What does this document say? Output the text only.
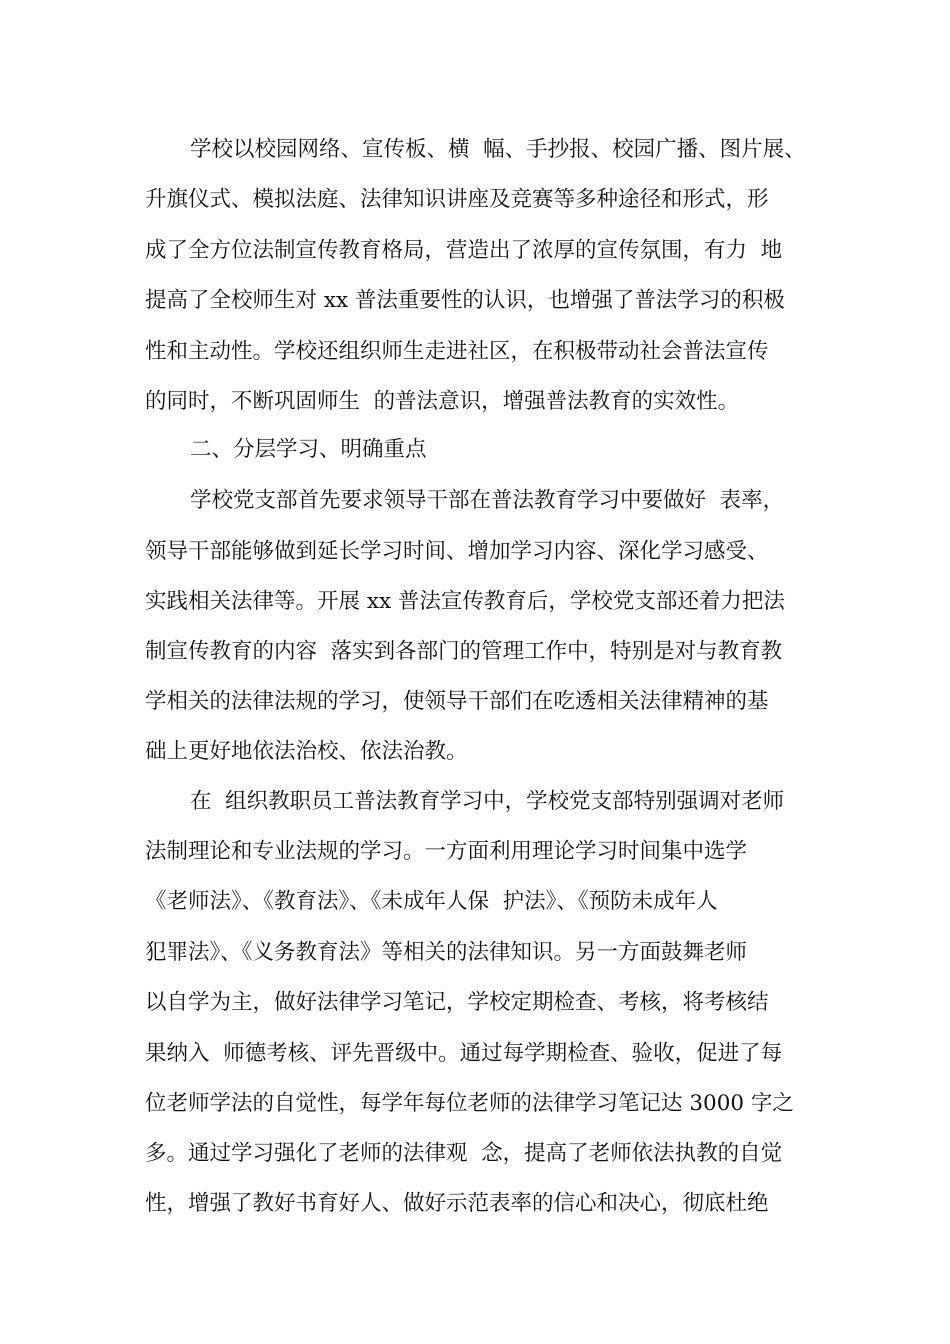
学校以校园网络、宣传板、横  幅、手抄报、校园广播、图片展、
升旗仪式、模拟法庭、法律知识讲座及竞赛等多种途径和形式，形
成了全方位法制宣传教育格局，营造出了浓厚的宣传氛围，有力  地
提高了全校师生对 xx 普法重要性的认识，也增强了普法学习的积极
性和主动性。学校还组织师生走进社区，在积极带动社会普法宣传
的同时，不断巩固师生  的普法意识，增强普法教育的实效性。
二、分层学习、明确重点
学校党支部首先要求领导干部在普法教育学习中要做好  表率，
领导干部能够做到延长学习时间、增加学习内容、深化学习感受、
实践相关法律等。开展 xx 普法宣传教育后，学校党支部还着力把法
制宣传教育的内容  落实到各部门的管理工作中，特别是对与教育教
学相关的法律法规的学习，使领导干部们在吃透相关法律精神的基
础上更好地依法治校、依法治教。
在  组织教职员工普法教育学习中，学校党支部特别强调对老师
法制理论和专业法规的学习。一方面利用理论学习时间集中选学
《老师法》、《教育法》、《未成年人保  护法》、《预防未成年人
犯罪法》、《义务教育法》等相关的法律知识。另一方面鼓舞老师
以自学为主，做好法律学习笔记，学校定期检查、考核，将考核结
果纳入  师德考核、评先晋级中。通过每学期检查、验收，促进了每
位老师学法的自觉性，每学年每位老师的法律学习笔记达 3000 字之
多。通过学习强化了老师的法律观  念，提高了老师依法执教的自觉
性，增强了教好书育好人、做好示范表率的信心和决心，彻底杜绝
